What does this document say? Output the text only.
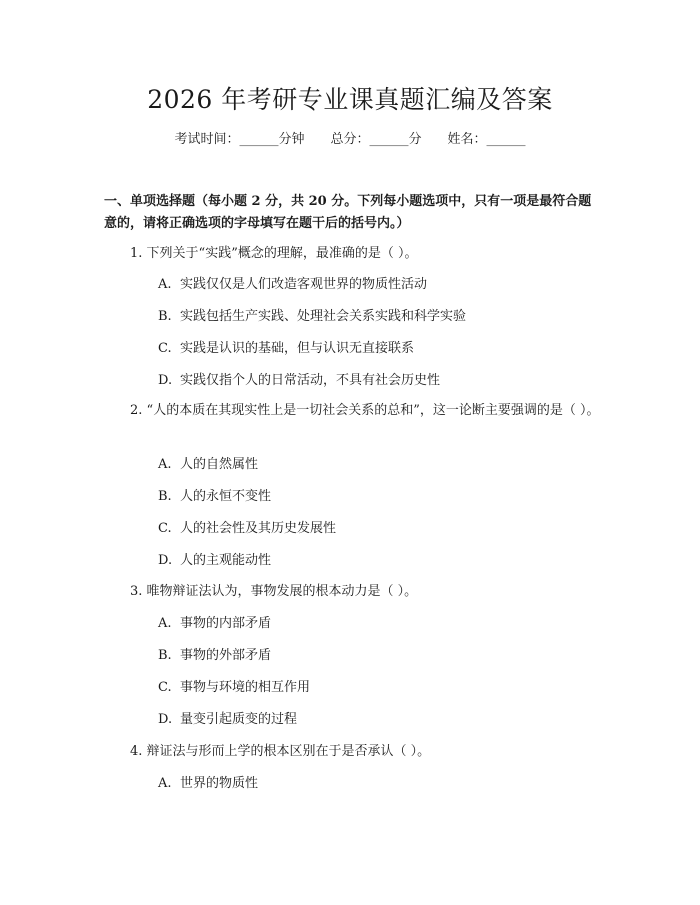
2026 年考研专业课真题汇编及答案
考试时间：______分钟 总分：______分 姓名：______
一、单项选择题（每小题 2 分，共 20 分。下列每小题选项中，只有一项是最符合题意的，请将正确选项的字母填写在题干后的括号内。）
1. 下列关于“实践”概念的理解，最准确的是（ ）。
A. 实践仅仅是人们改造客观世界的物质性活动
B. 实践包括生产实践、处理社会关系实践和科学实验
C. 实践是认识的基础，但与认识无直接联系
D. 实践仅指个人的日常活动，不具有社会历史性
2. “人的本质在其现实性上是一切社会关系的总和”，这一论断主要强调的是（ ）。
A. 人的自然属性
B. 人的永恒不变性
C. 人的社会性及其历史发展性
D. 人的主观能动性
3. 唯物辩证法认为，事物发展的根本动力是（ ）。
A. 事物的内部矛盾
B. 事物的外部矛盾
C. 事物与环境的相互作用
D. 量变引起质变的过程
4. 辩证法与形而上学的根本区别在于是否承认（ ）。
A. 世界的物质性
